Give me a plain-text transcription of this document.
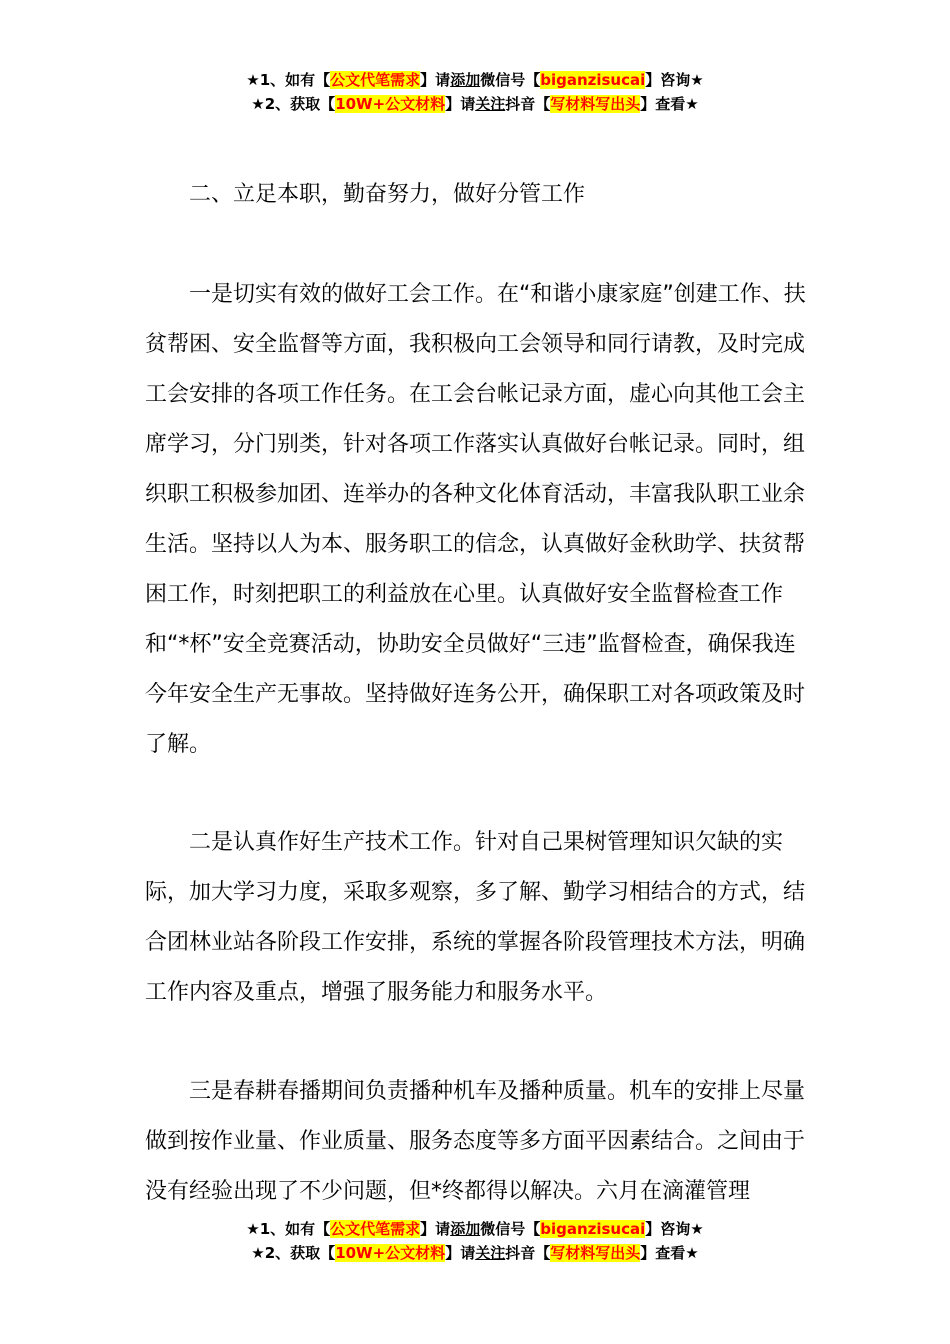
★1、如有【公文代笔需求】请添加微信号【biganzisucai】咨询★
★2、获取【10W+公文材料】请关注抖音【写材料写出头】查看★

二、立足本职，勤奋努力，做好分管工作

一是切实有效的做好工会工作。在“和谐小康家庭”创建工作、扶贫帮困、安全监督等方面，我积极向工会领导和同行请教，及时完成工会安排的各项工作任务。在工会台帐记录方面，虚心向其他工会主席学习，分门别类，针对各项工作落实认真做好台帐记录。同时，组织职工积极参加团、连举办的各种文化体育活动，丰富我队职工业余生活。坚持以人为本、服务职工的信念，认真做好金秋助学、扶贫帮困工作，时刻把职工的利益放在心里。认真做好安全监督检查工作和“*杯”安全竞赛活动，协助安全员做好“三违”监督检查，确保我连今年安全生产无事故。坚持做好连务公开，确保职工对各项政策及时了解。

二是认真作好生产技术工作。针对自己果树管理知识欠缺的实际，加大学习力度，采取多观察，多了解、勤学习相结合的方式，结合团林业站各阶段工作安排，系统的掌握各阶段管理技术方法，明确工作内容及重点，增强了服务能力和服务水平。

三是春耕春播期间负责播种机车及播种质量。机车的安排上尽量做到按作业量、作业质量、服务态度等多方面平因素结合。之间由于没有经验出现了不少问题，但*终都得以解决。六月在滴灌管理

★1、如有【公文代笔需求】请添加微信号【biganzisucai】咨询★
★2、获取【10W+公文材料】请关注抖音【写材料写出头】查看★
